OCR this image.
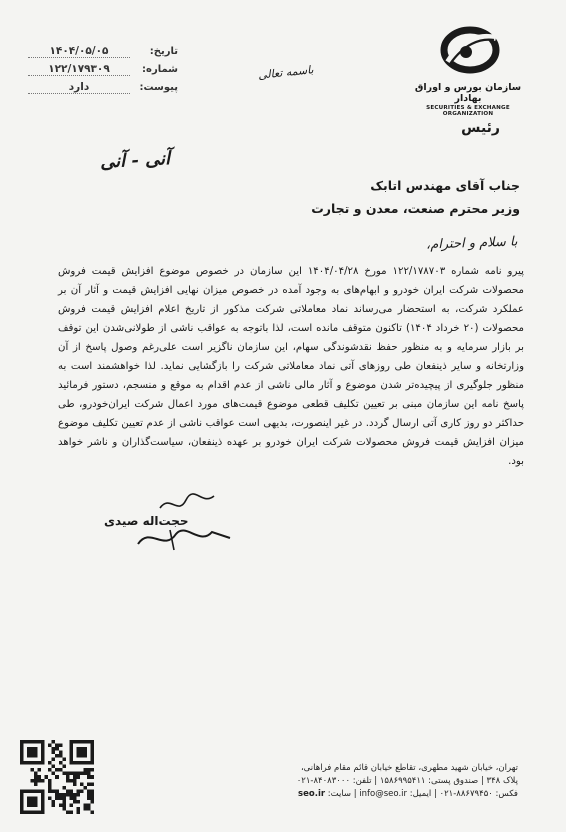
تاریخ:
۱۴۰۴/۰۵/۰۵
شماره:
۱۲۲/۱۷۹۳۰۹
پیوست:
دارد
باسمه تعالی
سازمان بورس و اوراق بهادار
SECURITIES & EXCHANGE ORGANIZATION
رئیس
آنی - آنی
جناب آقای مهندس اتابک
وزیر محترم صنعت، معدن و تجارت
با سلام و احترام،

پیرو نامه شماره ۱۲۲/۱۷۸۷۰۳ مورخ ۱۴۰۴/۰۴/۲۸ این سازمان در خصوص موضوع افزایش قیمت فروش محصولات شرکت ایران خودرو و ابهام‌های به وجود آمده در خصوص میزان نهایی افزایش قیمت و آثار آن بر عملکرد شرکت، به استحضار می‌رساند نماد معاملاتی شرکت مذکور از تاریخ اعلام افزایش قیمت فروش محصولات (۲۰ خرداد ۱۴۰۴) تاکنون متوقف مانده است، لذا باتوجه به عواقب ناشی از طولانی‌شدن این توقف بر بازار سرمایه و به منظور حفظ نقدشوندگی سهام، این سازمان ناگزیر است علی‌رغم وصول پاسخ از آن وزارتخانه و سایر ذینفعان طی روزهای آتی نماد معاملاتی شرکت را بازگشایی نماید. لذا خواهشمند است به منظور جلوگیری از پیچیده‌تر شدن موضوع و آثار مالی ناشی از عدم اقدام به موقع و منسجم، دستور فرمائید پاسخ نامه این سازمان مبنی بر تعیین تکلیف قطعی موضوع قیمت‌های مورد اعمال شرکت ایران‌خودرو، طی حداکثر دو روز کاری آتی ارسال گردد. در غیر اینصورت، بدیهی است عواقب ناشی از عدم تعیین تکلیف موضوع میزان افزایش قیمت فروش محصولات شرکت ایران خودرو بر عهده ذینفعان، سیاست‌گذاران و ناشر خواهد بود.

حجت‌اله صیدی
تهران، خیابان شهید مطهری، تقاطع خیابان قائم مقام فراهانی،
پلاک ۳۴۸ | صندوق پستی: ۱۵۸۶۹۹۵۴۱۱ | تلفن: ۸۴۰۸۳۰۰۰-۰۲۱
فکس: ۸۸۶۷۹۴۵۰-۰۲۱ | ایمیل: info@seo.ir | سایت: seo.ir
